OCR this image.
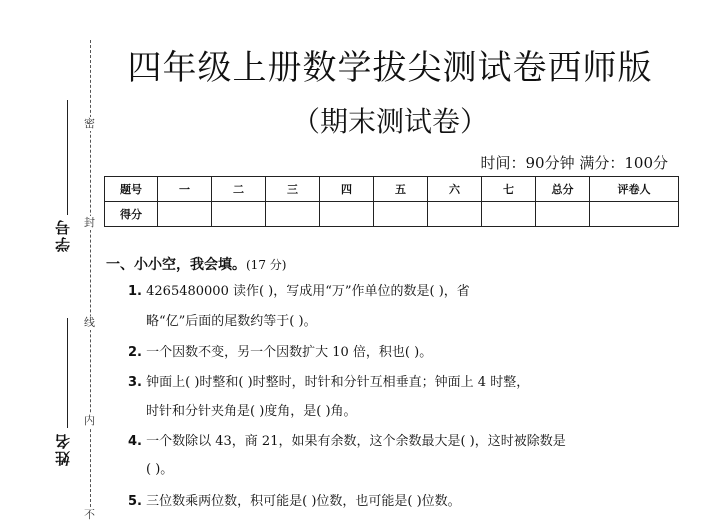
密
封
线
内
不
学号
姓名
四年级上册数学拔尖测试卷西师版
（期末测试卷）
时间：90分钟 满分：100分
题号	一	二	三	四	五	六	七	总分	评卷人
得分									
一、小小空，我会填。(17 分)
1. 4265480000 读作( )，写成用“万”作单位的数是( )，省
略“亿”后面的尾数约等于( )。
2. 一个因数不变，另一个因数扩大 10 倍，积也( )。
3. 钟面上( )时整和( )时整时，时针和分针互相垂直；钟面上 4 时整，
时针和分针夹角是( )度角，是( )角。
4. 一个数除以 43，商 21，如果有余数，这个余数最大是( )，这时被除数是
( )。
5. 三位数乘两位数，积可能是( )位数，也可能是( )位数。
